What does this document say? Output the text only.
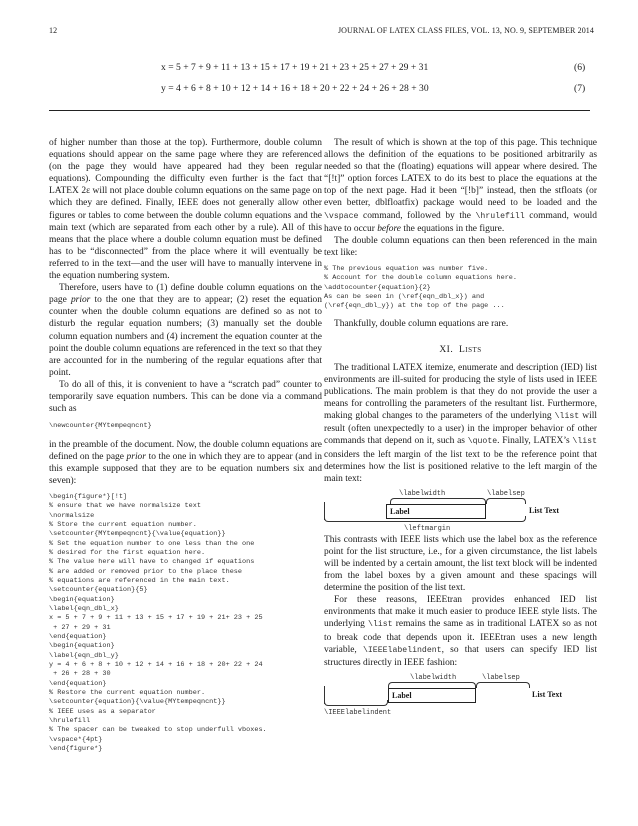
12	JOURNAL OF LATEX CLASS FILES, VOL. 13, NO. 9, SEPTEMBER 2014
x = 5 + 7 + 9 + 11 + 13 + 15 + 17 + 19 + 21 + 23 + 25 + 27 + 29 + 31	(6)
y = 4 + 6 + 8 + 10 + 12 + 14 + 16 + 18 + 20 + 22 + 24 + 26 + 28 + 30	(7)

of higher number than those at the top). Furthermore, double column equations should appear on the same page where they are referenced (on the page they would have appeared had they been regular equations). Compounding the difficulty even further is the fact that LATEX 2ε will not place double column equations on the same page on which they are defined. Finally, IEEE does not generally allow other figures or tables to come between the double column equations and the main text (which are separated from each other by a rule). All of this means that the place where a double column equation must be defined has to be “disconnected” from the place where it will eventually be referred to in the text—and the user will have to manually intervene in the equation numbering system.

Therefore, users have to (1) define double column equations on the page prior to the one that they are to appear; (2) reset the equation counter when the double column equations are defined so as not to disturb the regular equation numbers; (3) manually set the double column equation numbers and (4) increment the equation counter at the point the double column equations are referenced in the text so that they are accounted for in the numbering of the regular equations after that point.

To do all of this, it is convenient to have a “scratch pad” counter to temporarily save equation numbers. This can be done via a command such as

\newcounter{MYtempeqncnt}

in the preamble of the document. Now, the double column equations are defined on the page prior to the one in which they are to appear (and in this example supposed that they are to be equation numbers six and seven):

\begin{figure*}[!t]
% ensure that we have normalsize text
\normalsize
% Store the current equation number.
\setcounter{MYtempeqncnt}{\value{equation}}
% Set the equation number to one less than the one
% desired for the first equation here.
% The value here will have to changed if equations
% are added or removed prior to the place these
% equations are referenced in the main text.
\setcounter{equation}{5}
\begin{equation}
\label{eqn_dbl_x}
x = 5 + 7 + 9 + 11 + 13 + 15 + 17 + 19 + 21+ 23 + 25
+ 27 + 29 + 31
\end{equation}
\begin{equation}
\label{eqn_dbl_y}
y = 4 + 6 + 8 + 10 + 12 + 14 + 16 + 18 + 20+ 22 + 24
+ 26 + 28 + 30
\end{equation}
% Restore the current equation number.
\setcounter{equation}{\value{MYtempeqncnt}}
% IEEE uses as a separator
\hrulefill
% The spacer can be tweaked to stop underfull vboxes.
\vspace*{4pt}
\end{figure*}

The result of which is shown at the top of this page. This technique allows the definition of the equations to be positioned arbitrarily as needed so that the (floating) equations will appear where desired. The “[!t]” option forces LATEX to do its best to place the equations at the top of the next page. Had it been “[!b]” instead, then the stfloats (or even better, dblfloatfix) package would need to be loaded and the \vspace command, followed by the \hrulefill command, would have to occur before the equations in the figure.

The double column equations can then been referenced in the main text like:

% The previous equation was number five.
% Account for the double column equations here.
\addtocounter{equation}{2}
As can be seen in (\ref{eqn_dbl_x}) and
(\ref{eqn_dbl_y}) at the top of the page ...

Thankfully, double column equations are rare.

XI. Lists

The traditional LATEX itemize, enumerate and description (IED) list environments are ill-suited for producing the style of lists used in IEEE publications. The main problem is that they do not provide the user a means for controlling the parameters of the resultant list. Furthermore, making global changes to the parameters of the underlying \list will result (often unexpectedly to a user) in the improper behavior of other commands that depend on it, such as \quote. Finally, LATEX’s \list considers the left margin of the list text to be the reference point that determines how the list is positioned relative to the left margin of the main text:

\labelwidth	\labelsep
Label	List Text
\leftmargin

This contrasts with IEEE lists which use the label box as the reference point for the list structure, i.e., for a given circumstance, the list labels will be indented by a certain amount, the list text block will be indented from the label boxes by a given amount and these spacings will determine the position of the list text.

For these reasons, IEEEtran provides enhanced IED list environments that make it much easier to produce IEEE style lists. The underlying \list remains the same as in traditional LATEX so as not to break code that depends upon it. IEEEtran uses a new length variable, \IEEElabelindent, so that users can specify IED list structures directly in IEEE fashion:

\labelwidth	\labelsep
Label	List Text
\IEEElabelindent
